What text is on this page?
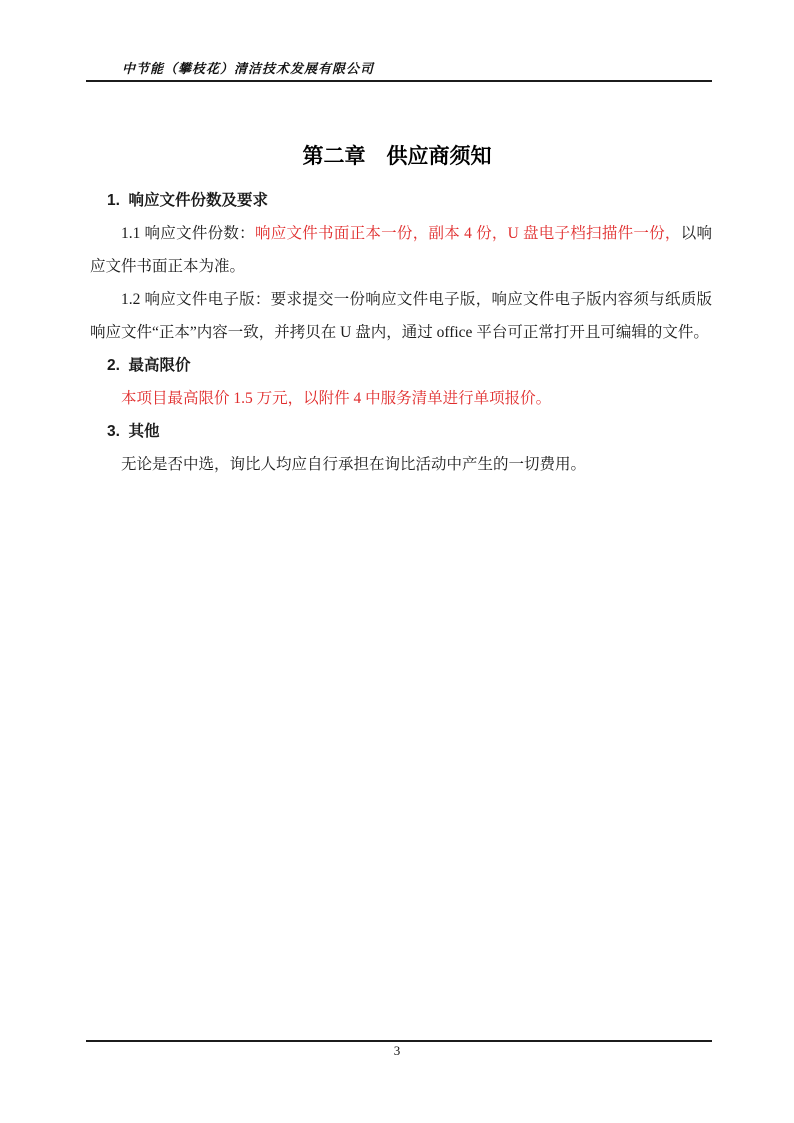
中节能（攀枝花）清洁技术发展有限公司
第二章　供应商须知
1.  响应文件份数及要求

1.1 响应文件份数：响应文件书面正本一份，副本 4 份，U 盘电子档扫描件一份，以响应文件书面正本为准。

1.2 响应文件电子版：要求提交一份响应文件电子版，响应文件电子版内容须与纸质版响应文件“正本”内容一致，并拷贝在 U 盘内，通过 office 平台可正常打开且可编辑的文件。

2.  最高限价

本项目最高限价 1.5 万元，以附件 4 中服务清单进行单项报价。

3.  其他

无论是否中选，询比人均应自行承担在询比活动中产生的一切费用。

3
